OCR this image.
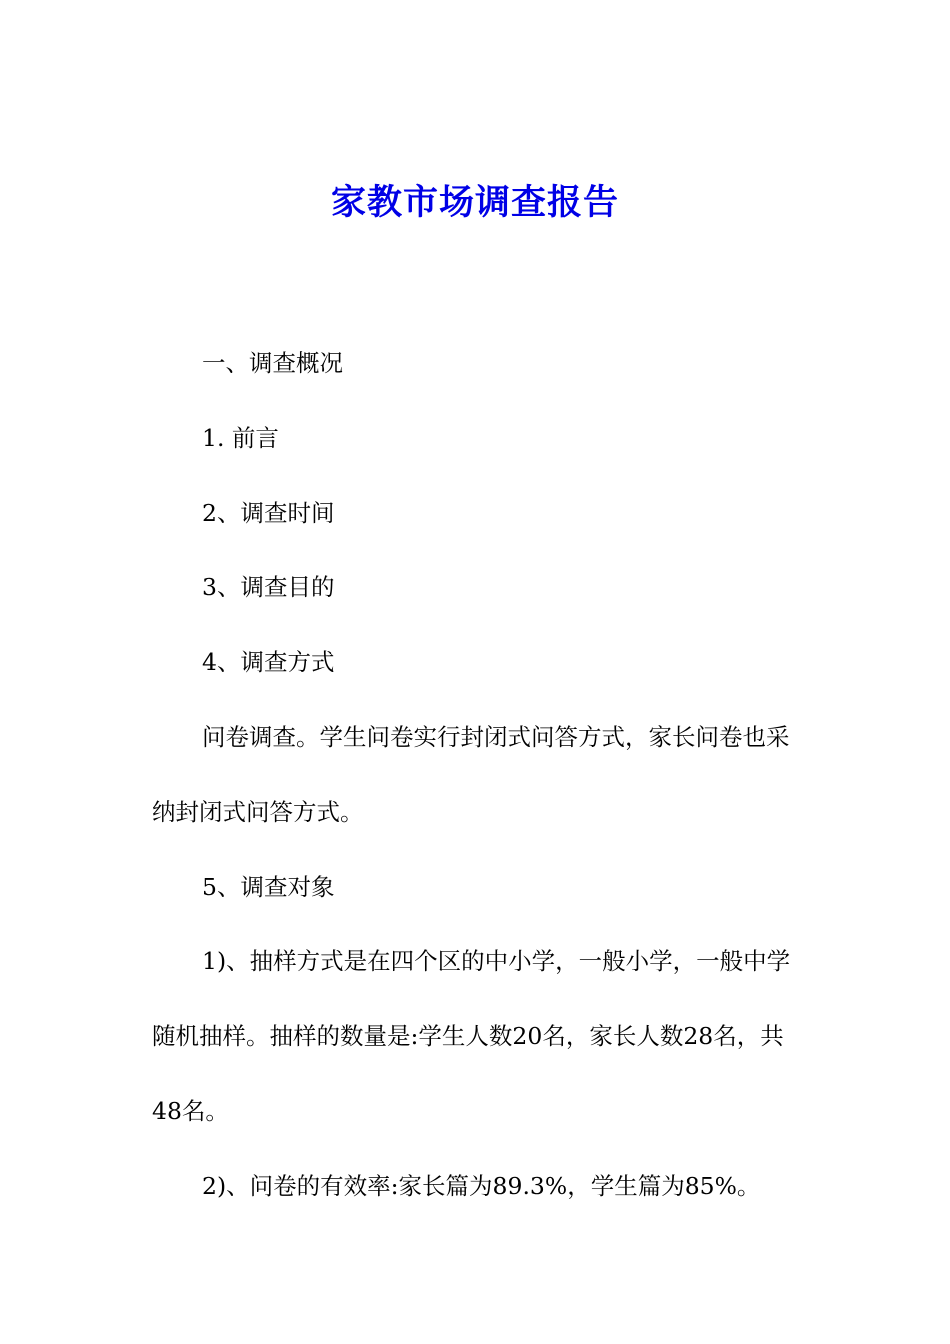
家教市场调查报告

一、调查概况

1. 前言

2、调查时间

3、调查目的

4、调查方式

问卷调查。学生问卷实行封闭式问答方式，家长问卷也采纳封闭式问答方式。

5、调查对象

1)、抽样方式是在四个区的中小学，一般小学，一般中学随机抽样。抽样的数量是:学生人数20名，家长人数28名，共48名。

2)、问卷的有效率:家长篇为89.3%，学生篇为85%。
